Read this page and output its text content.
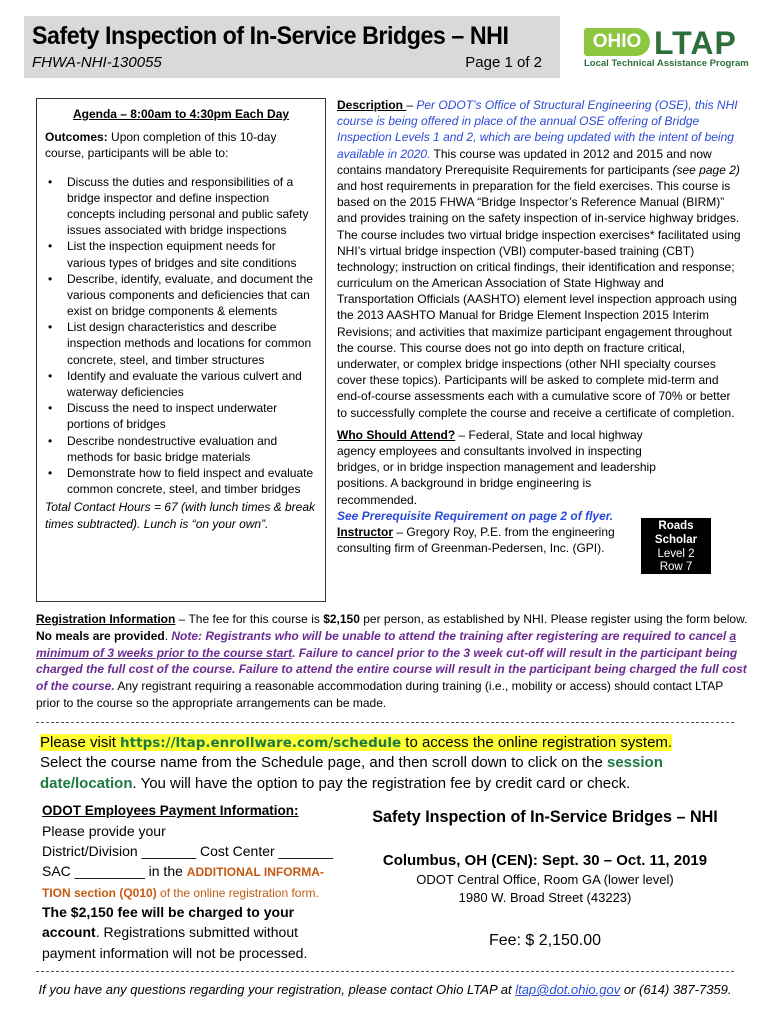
Safety Inspection of In-Service Bridges – NHI
FHWA-NHI-130055	Page 1 of 2
OHIO LTAP
Local Technical Assistance Program
Agenda – 8:00am to 4:30pm Each Day
Outcomes: Upon completion of this 10-day course, participants will be able to:
• Discuss the duties and responsibilities of a bridge inspector and define inspection concepts including personal and public safety issues associated with bridge inspections
• List the inspection equipment needs for various types of bridges and site conditions
• Describe, identify, evaluate, and document the various components and deficiencies that can exist on bridge components & elements
• List design characteristics and describe inspection methods and locations for common concrete, steel, and timber structures
• Identify and evaluate the various culvert and waterway deficiencies
• Discuss the need to inspect underwater portions of bridges
• Describe nondestructive evaluation and methods for basic bridge materials
• Demonstrate how to field inspect and evaluate common concrete, steel, and timber bridges
Total Contact Hours = 67 (with lunch times & break times subtracted). Lunch is “on your own”.

Description – Per ODOT’s Office of Structural Engineering (OSE), this NHI course is being offered in place of the annual OSE offering of Bridge Inspection Levels 1 and 2, which are being updated with the intent of being available in 2020. This course was updated in 2012 and 2015 and now contains mandatory Prerequisite Requirements for participants (see page 2) and host requirements in preparation for the field exercises. This course is based on the 2015 FHWA “Bridge Inspector’s Reference Manual (BIRM)” and provides training on the safety inspection of in-service highway bridges. The course includes two virtual bridge inspection exercises* facilitated using NHI’s virtual bridge inspection (VBI) computer-based training (CBT) technology; instruction on critical findings, their identification and response; curriculum on the American Association of State Highway and Transportation Officials (AASHTO) element level inspection approach using the 2013 AASHTO Manual for Bridge Element Inspection 2015 Interim Revisions; and activities that maximize participant engagement throughout the course. This course does not go into depth on fracture critical, underwater, or complex bridge inspections (other NHI specialty courses cover these topics). Participants will be asked to complete mid-term and end-of-course assessments each with a cumulative score of 70% or better to successfully complete the course and receive a certificate of completion.

Who Should Attend? – Federal, State and local highway agency employees and consultants involved in inspecting bridges, or in bridge inspection management and leadership positions. A background in bridge engineering is recommended.
See Prerequisite Requirement on page 2 of flyer.

Instructor – Gregory Roy, P.E. from the engineering consulting firm of Greenman-Pedersen, Inc. (GPI).

Roads
Scholar
Level 2
Row 7
Registration Information – The fee for this course is $2,150 per person, as established by NHI. Please register using the form below. No meals are provided. Note: Registrants who will be unable to attend the training after registering are required to cancel a minimum of 3 weeks prior to the course start. Failure to cancel prior to the 3 week cut-off will result in the participant being charged the full cost of the course. Failure to attend the entire course will result in the participant being charged the full cost of the course. Any registrant requiring a reasonable accommodation during training (i.e., mobility or access) should contact LTAP prior to the course so the appropriate arrangements can be made.
Please visit https://ltap.enrollware.com/schedule to access the online registration system.
Select the course name from the Schedule page, and then scroll down to click on the session date/location. You will have the option to pay the registration fee by credit card or check.
ODOT Employees Payment Information:
Please provide your
District/Division _______ Cost Center _______
SAC _________ in the ADDITIONAL INFORMA-TION section (Q010) of the online registration form.
The $2,150 fee will be charged to your account. Registrations submitted without payment information will not be processed.
Safety Inspection of In-Service Bridges – NHI
Columbus, OH (CEN): Sept. 30 – Oct. 11, 2019
ODOT Central Office, Room GA (lower level)
1980 W. Broad Street (43223)
Fee: $ 2,150.00
If you have any questions regarding your registration, please contact Ohio LTAP at ltap@dot.ohio.gov or (614) 387-7359.
